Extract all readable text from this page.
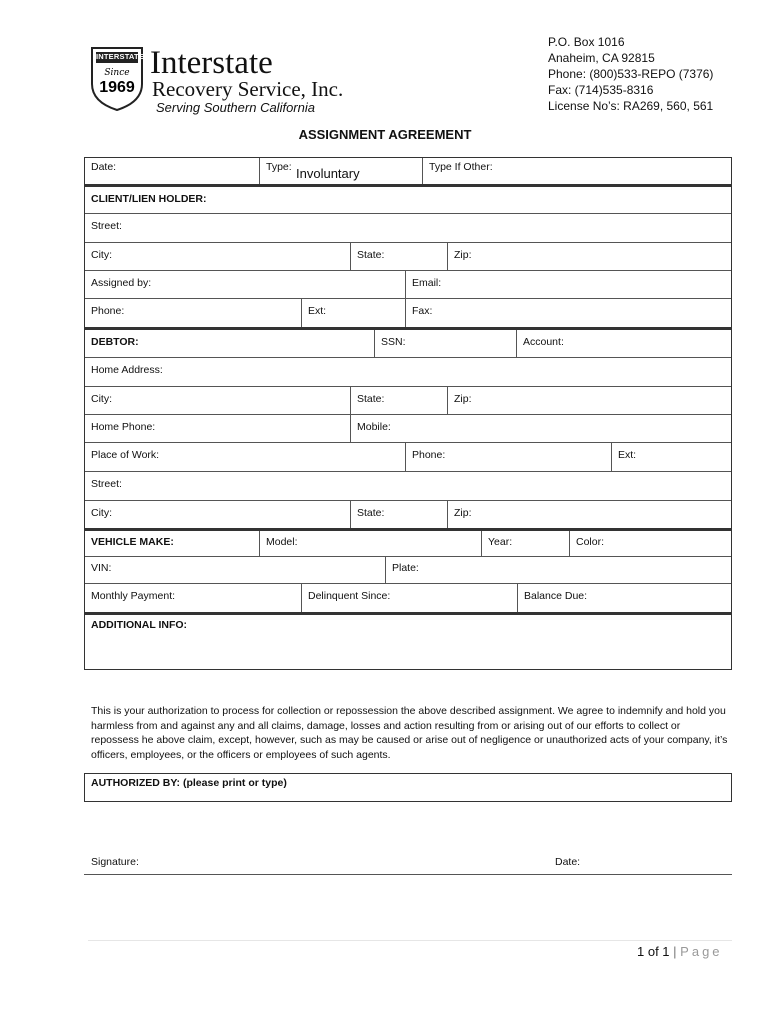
INTERSTATE
Since
1969
Interstate
Recovery Service, Inc.
Serving Southern California
P.O. Box 1016
Anaheim, CA 92815
Phone: (800)533-REPO (7376)
Fax: (714)535-8316
License No’s: RA269, 560, 561
ASSIGNMENT AGREEMENT
Date:	Type: Involuntary	Type If Other:
CLIENT/LIEN HOLDER:
Street:
City:	State:	Zip:
Assigned by:	Email:
Phone:	Ext:	Fax:
DEBTOR:	SSN:	Account:
Home Address:
City:	State:	Zip:
Home Phone:	Mobile:
Place of Work:	Phone:	Ext:
Street:
City:	State:	Zip:
VEHICLE MAKE:	Model:	Year:	Color:
VIN:	Plate:
Monthly Payment:	Delinquent Since:	Balance Due:
ADDITIONAL INFO:
This is your authorization to process for collection or repossession the above described assignment. We agree to indemnify and hold you harmless from and against any and all claims, damage, losses and action resulting from or arising out of our efforts to collect or repossess he above claim, except, however, such as may be caused or arise out of negligence or unauthorized acts of your company, it’s officers, employees, or the officers or employees of such agents.
AUTHORIZED BY: (please print or type)
Signature:	Date:
1 of 1 | Page
